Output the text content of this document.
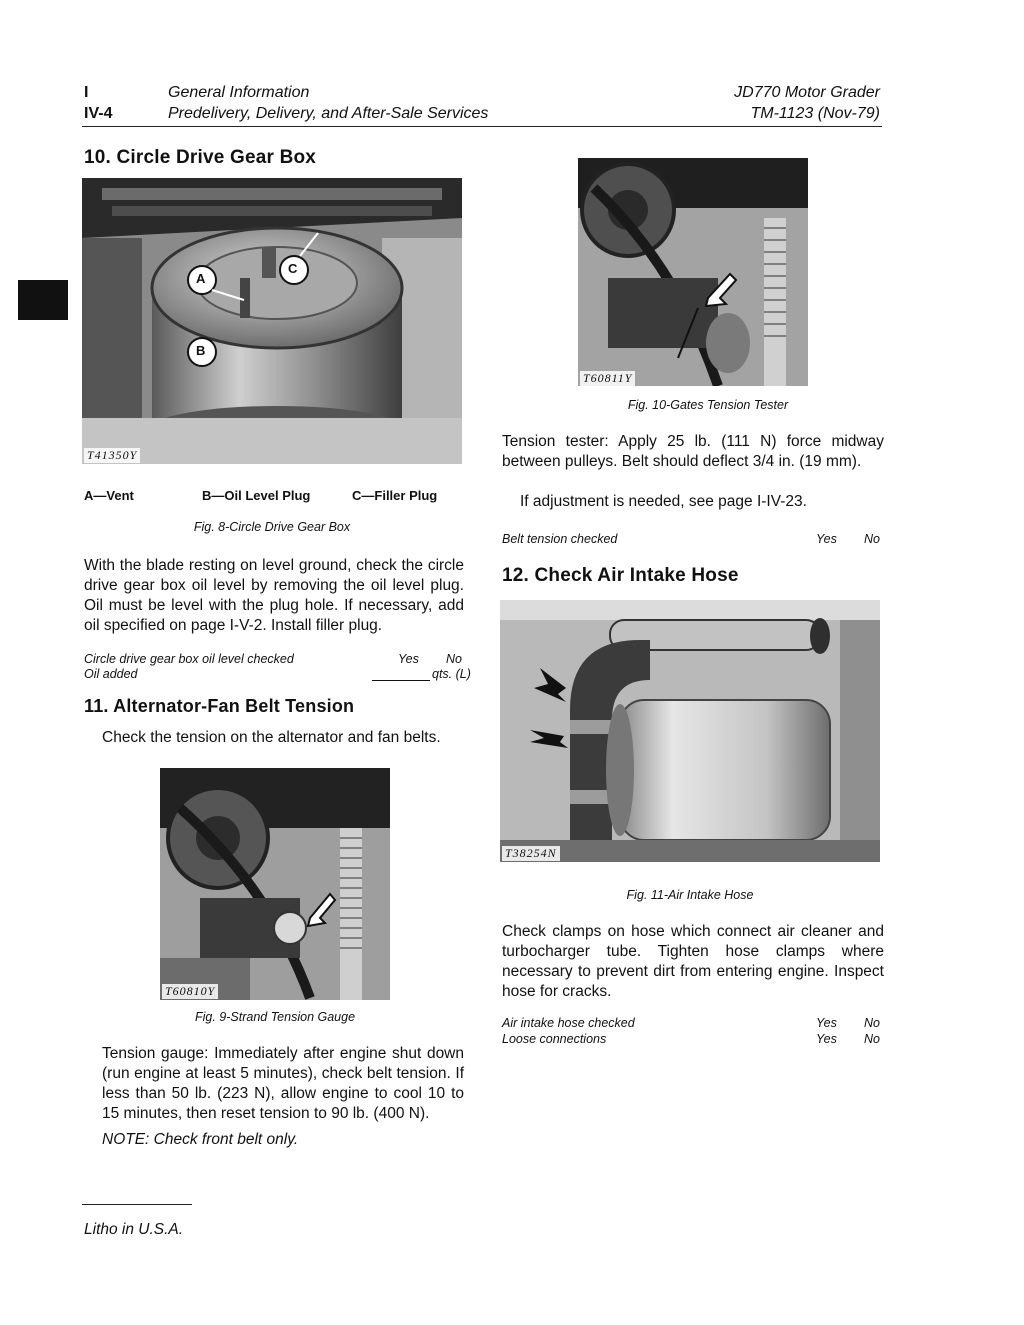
I
IV-4
General Information
Predelivery, Delivery, and After-Sale Services
JD770 Motor Grader
TM-1123 (Nov-79)
10. Circle Drive Gear Box
A
C
B
T41350Y
A—Vent	B—Oil Level Plug	C—Filler Plug
Fig. 8-Circle Drive Gear Box
With the blade resting on level ground, check the circle drive gear box oil level by removing the oil level plug. Oil must be level with the plug hole. If necessary, add oil specified on page I-V-2. Install filler plug.
Circle drive gear box oil level checked	Yes No
Oil added	qts. (L)
11. Alternator-Fan Belt Tension
Check the tension on the alternator and fan belts.
T60810Y
Fig. 9-Strand Tension Gauge
Tension gauge: Immediately after engine shut down (run engine at least 5 minutes), check belt tension. If less than 50 lb. (223 N), allow engine to cool 10 to 15 minutes, then reset tension to 90 lb. (400 N).
NOTE: Check front belt only.
T60811Y
Fig. 10-Gates Tension Tester
Tension tester: Apply 25 lb. (111 N) force midway between pulleys. Belt should deflect 3/4 in. (19 mm).
If adjustment is needed, see page I-IV-23.
Belt tension checked	Yes No
12. Check Air Intake Hose
T38254N
Fig. 11-Air Intake Hose
Check clamps on hose which connect air cleaner and turbocharger tube. Tighten hose clamps where necessary to prevent dirt from entering engine. Inspect hose for cracks.
Air intake hose checked	Yes No
Loose connections	Yes No
Litho in U.S.A.
